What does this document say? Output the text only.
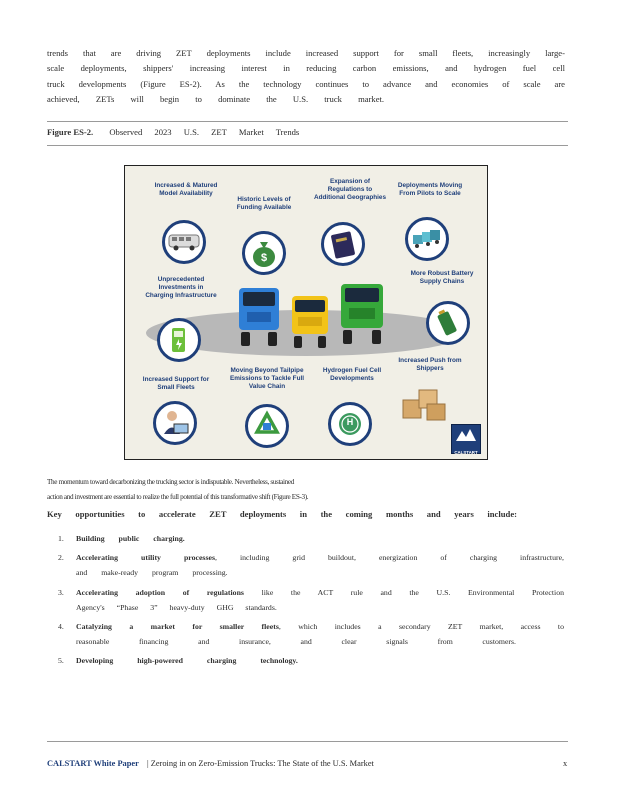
trends that are driving ZET deployments include increased support for small fleets, increasingly large-
scale deployments, shippers' increasing interest in reducing carbon emissions, and hydrogen fuel cell
truck developments (Figure ES-2). As the technology continues to advance and economies of scale are
achieved, ZETs will begin to dominate the U.S. truck market.
Figure ES-2. Observed 2023 U.S. ZET Market Trends
Increased & Matured Model Availability
Historic Levels of Funding Available
$
Expansion of Regulations to Additional Geographies
Deployments Moving From Pilots to Scale
Unprecedented Investments in Charging Infrastructure
More Robust Battery Supply Chains
Increased Support for Small Fleets
Moving Beyond Tailpipe Emissions to Tackle Full Value Chain
Hydrogen Fuel Cell Developments
H
Increased Push from Shippers
CALSTART
The momentum toward decarbonizing the trucking sector is indisputable. Nevertheless, sustained
action and investment are essential to realize the full potential of this transformative shift (Figure ES-3).
Key opportunities to accelerate ZET deployments in the coming months and years include:
1. Building public charging.
2. Accelerating utility processes, including grid buildout, energization of charging infrastructure,
and make-ready program processing.
3. Accelerating adoption of regulations like the ACT rule and the U.S. Environmental Protection
Agency's “Phase 3” heavy-duty GHG standards.
4. Catalyzing a market for smaller fleets, which includes a secondary ZET market, access to
reasonable financing and insurance, and clear signals from customers.
5. Developing high-powered charging technology.
CALSTART White Paper | Zeroing in on Zero-Emission Trucks: The State of the U.S. Market	x
